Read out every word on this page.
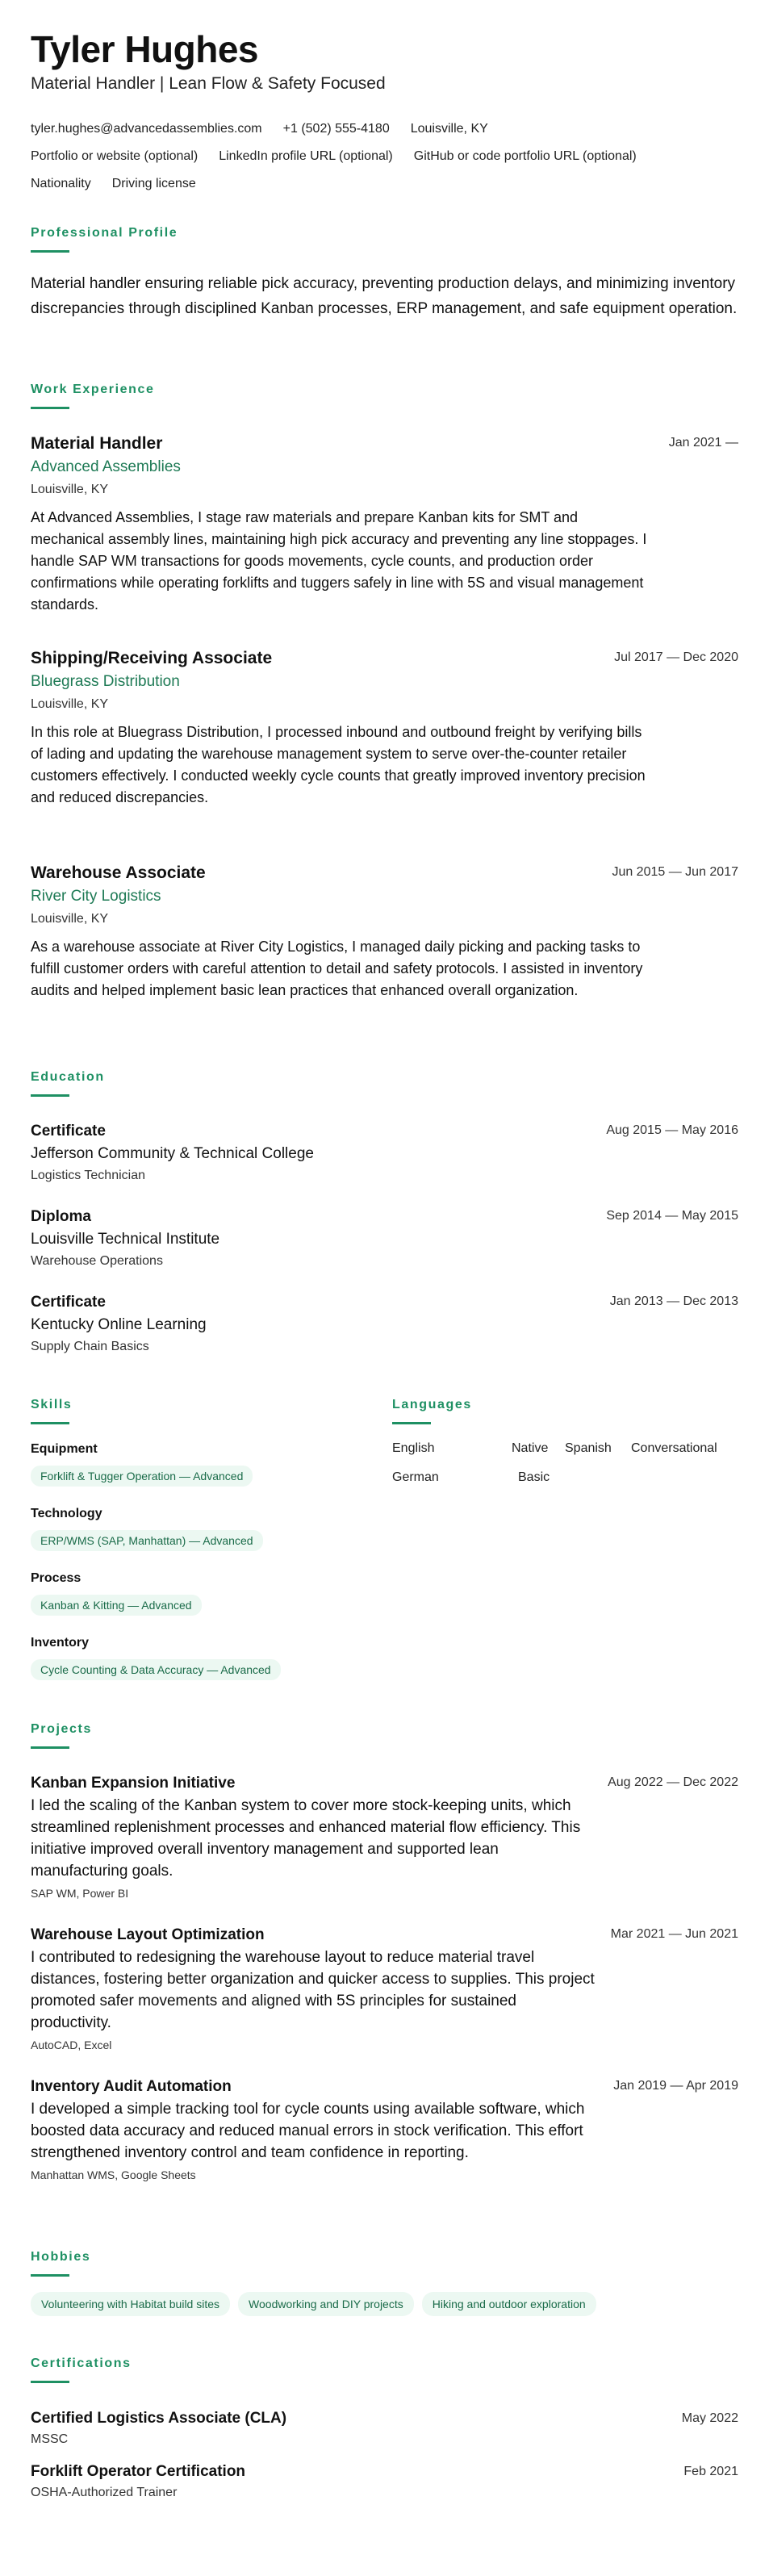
Tyler Hughes
Material Handler | Lean Flow & Safety Focused
tyler.hughes@advancedassemblies.com +1 (502) 555-4180 Louisville, KY
Portfolio or website (optional) LinkedIn profile URL (optional) GitHub or code portfolio URL (optional)
Nationality Driving license
Professional Profile
Material handler ensuring reliable pick accuracy, preventing production delays, and minimizing inventory discrepancies through disciplined Kanban processes, ERP management, and safe equipment operation.
Work Experience
Material Handler	Jan 2021 —
Advanced Assemblies
Louisville, KY
At Advanced Assemblies, I stage raw materials and prepare Kanban kits for SMT and mechanical assembly lines, maintaining high pick accuracy and preventing any line stoppages. I handle SAP WM transactions for goods movements, cycle counts, and production order confirmations while operating forklifts and tuggers safely in line with 5S and visual management standards.
Shipping/Receiving Associate	Jul 2017 — Dec 2020
Bluegrass Distribution
Louisville, KY
In this role at Bluegrass Distribution, I processed inbound and outbound freight by verifying bills of lading and updating the warehouse management system to serve over-the-counter retailer customers effectively. I conducted weekly cycle counts that greatly improved inventory precision and reduced discrepancies.
Warehouse Associate	Jun 2015 — Jun 2017
River City Logistics
Louisville, KY
As a warehouse associate at River City Logistics, I managed daily picking and packing tasks to fulfill customer orders with careful attention to detail and safety protocols. I assisted in inventory audits and helped implement basic lean practices that enhanced overall organization.
Education
Certificate	Aug 2015 — May 2016
Jefferson Community & Technical College
Logistics Technician
Diploma	Sep 2014 — May 2015
Louisville Technical Institute
Warehouse Operations
Certificate	Jan 2013 — Dec 2013
Kentucky Online Learning
Supply Chain Basics
Skills
Equipment
Forklift & Tugger Operation — Advanced
Technology
ERP/WMS (SAP, Manhattan) — Advanced
Process
Kanban & Kitting — Advanced
Inventory
Cycle Counting & Data Accuracy — Advanced
Languages
English	Native Spanish Conversational
German	Basic
Projects
Kanban Expansion Initiative	Aug 2022 — Dec 2022
I led the scaling of the Kanban system to cover more stock-keeping units, which streamlined replenishment processes and enhanced material flow efficiency. This initiative improved overall inventory management and supported lean manufacturing goals.
SAP WM, Power BI
Warehouse Layout Optimization	Mar 2021 — Jun 2021
I contributed to redesigning the warehouse layout to reduce material travel distances, fostering better organization and quicker access to supplies. This project promoted safer movements and aligned with 5S principles for sustained productivity.
AutoCAD, Excel
Inventory Audit Automation	Jan 2019 — Apr 2019
I developed a simple tracking tool for cycle counts using available software, which boosted data accuracy and reduced manual errors in stock verification. This effort strengthened inventory control and team confidence in reporting.
Manhattan WMS, Google Sheets
Hobbies
Volunteering with Habitat build sites	Woodworking and DIY projects	Hiking and outdoor exploration
Certifications
Certified Logistics Associate (CLA)	May 2022
MSSC
Forklift Operator Certification	Feb 2021
OSHA-Authorized Trainer
